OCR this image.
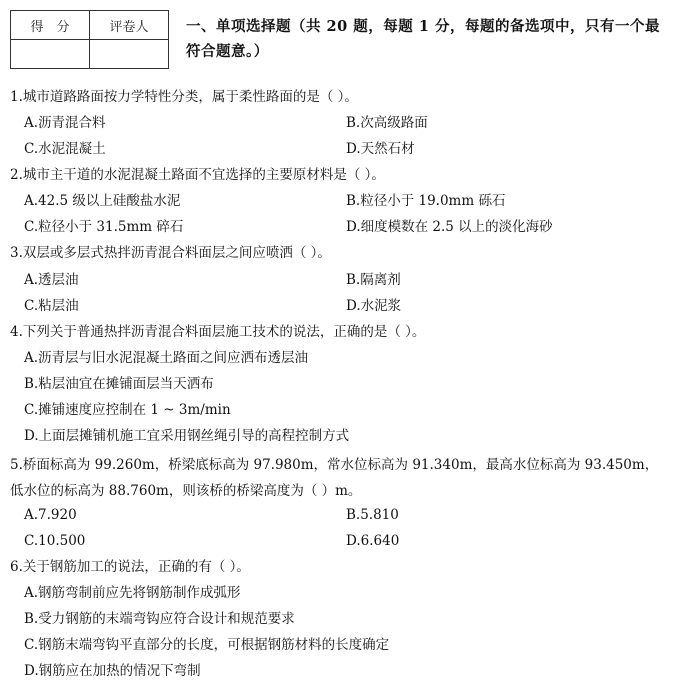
得　分	评卷人
		一、单项选择题（共 20 题，每题 1 分，每题的备选项中，只有一个最符合题意。）
1.城市道路路面按力学特性分类，属于柔性路面的是（ ）。
A.沥青混合料	B.次高级路面
C.水泥混凝土	D.天然石材
2.城市主干道的水泥混凝土路面不宜选择的主要原材料是（ ）。
A.42.5 级以上硅酸盐水泥	B.粒径小于 19.0mm 砾石
C.粒径小于 31.5mm 碎石	D.细度模数在 2.5 以上的淡化海砂
3.双层或多层式热拌沥青混合料面层之间应喷洒（ ）。
A.透层油	B.隔离剂
C.粘层油	D.水泥浆
4.下列关于普通热拌沥青混合料面层施工技术的说法，正确的是（ ）。
A.沥青层与旧水泥混凝土路面之间应洒布透层油
B.粘层油宜在摊铺面层当天洒布
C.摊铺速度应控制在 1 ~ 3m/min
D.上面层摊铺机施工宜采用钢丝绳引导的高程控制方式
5.桥面标高为 99.260m，桥梁底标高为 97.980m，常水位标高为 91.340m，最高水位标高为 93.450m，低水位的标高为 88.760m，则该桥的桥梁高度为（ ）m。
A.7.920	B.5.810
C.10.500	D.6.640
6.关于钢筋加工的说法，正确的有（ ）。
A.钢筋弯制前应先将钢筋制作成弧形
B.受力钢筋的末端弯钩应符合设计和规范要求
C.钢筋末端弯钩平直部分的长度，可根据钢筋材料的长度确定
D.钢筋应在加热的情况下弯制
